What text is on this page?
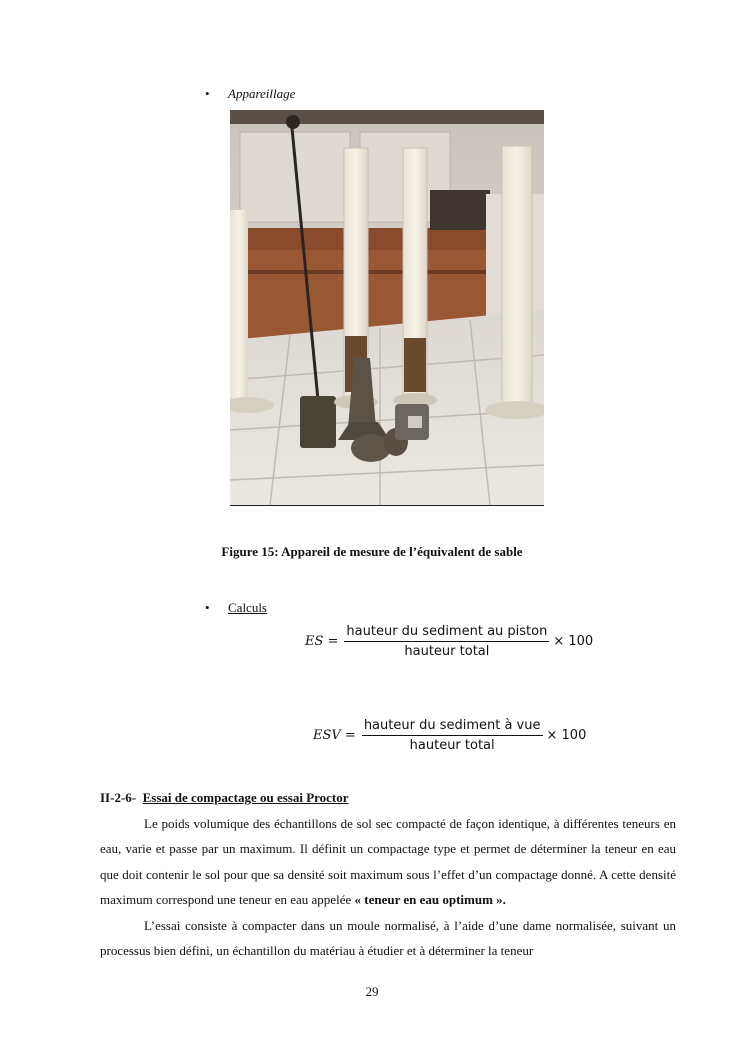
• Appareillage
Figure 15: Appareil de mesure de l’équivalent de sable
• Calculs
ES = $\frac{\text{hauteur du sediment au piston}}{\text{hauteur total}} \times 100$
ESV = $\frac{\text{hauteur du sediment à vue}}{\text{hauteur total}} \times 100$
II-2-6- Essai de compactage ou essai Proctor

Le poids volumique des échantillons de sol sec compacté de façon identique, à différentes teneurs en eau, varie et passe par un maximum. Il définit un compactage type et permet de déterminer la teneur en eau que doit contenir le sol pour que sa densité soit maximum sous l’effet d’un compactage donné. A cette densité maximum correspond une teneur en eau appelée « teneur en eau optimum ».

L’essai consiste à compacter dans un moule normalisé, à l’aide d’une dame normalisée, suivant un processus bien défini, un échantillon du matériau à étudier et à déterminer la teneur

29
